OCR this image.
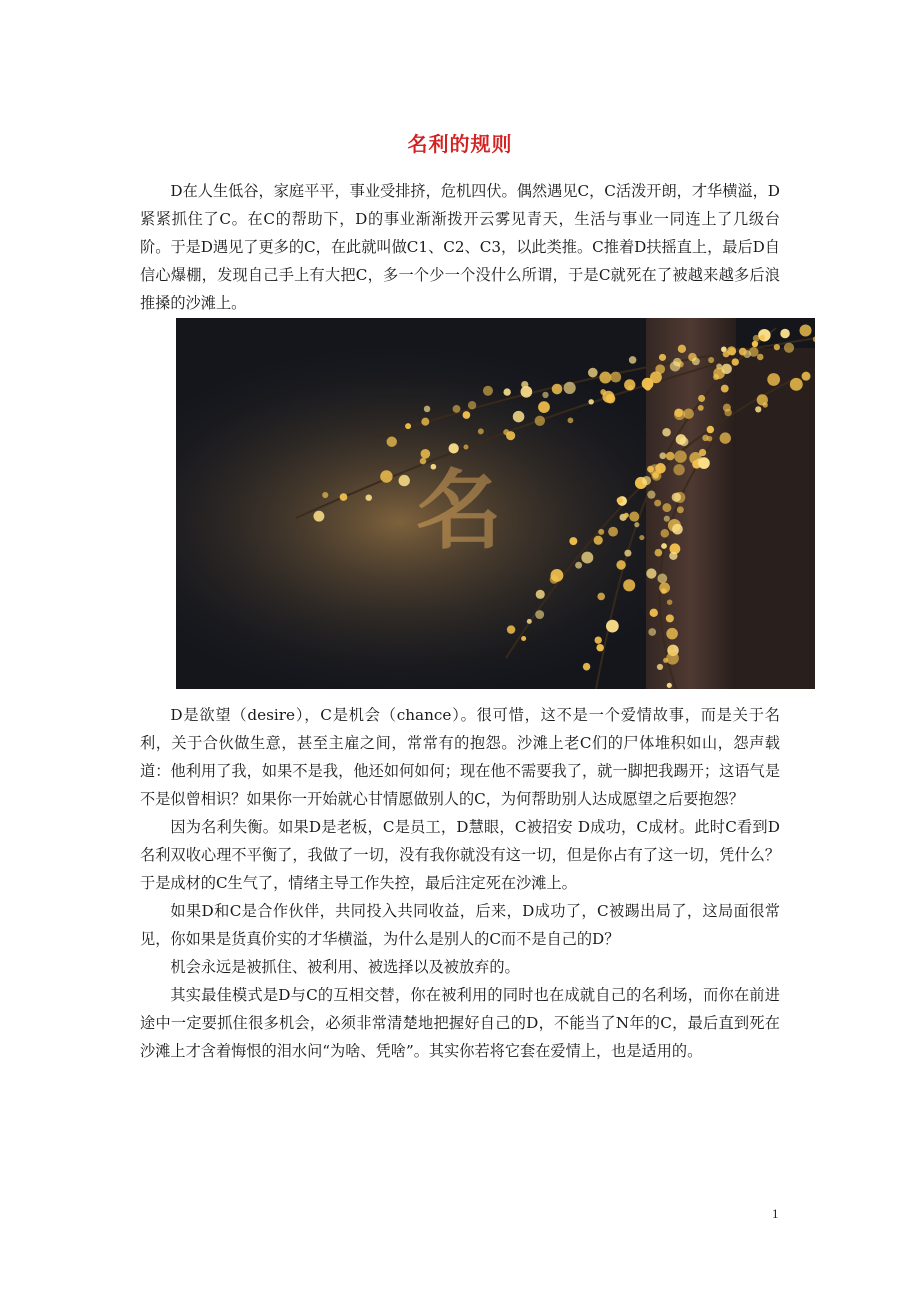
名利的规则

D在人生低谷，家庭平平，事业受排挤，危机四伏。偶然遇见C，C活泼开朗，才华横溢，D紧紧抓住了C。在C的帮助下，D的事业渐渐拨开云雾见青天，生活与事业一同连上了几级台阶。于是D遇见了更多的C，在此就叫做C1、C2、C3，以此类推。C推着D扶摇直上，最后D自信心爆棚，发现自己手上有大把C，多一个少一个没什么所谓，于是C就死在了被越来越多后浪推搡的沙滩上。

名

D是欲望（desire），C是机会（chance）。很可惜，这不是一个爱情故事，而是关于名利，关于合伙做生意，甚至主雇之间，常常有的抱怨。沙滩上老C们的尸体堆积如山，怨声载道：他利用了我，如果不是我，他还如何如何；现在他不需要我了，就一脚把我踢开；这语气是不是似曾相识？如果你一开始就心甘情愿做别人的C，为何帮助别人达成愿望之后要抱怨？

因为名利失衡。如果D是老板，C是员工，D慧眼，C被招安 D成功，C成材。此时C看到D名利双收心理不平衡了，我做了一切，没有我你就没有这一切，但是你占有了这一切，凭什么？于是成材的C生气了，情绪主导工作失控，最后注定死在沙滩上。

如果D和C是合作伙伴，共同投入共同收益，后来，D成功了，C被踢出局了，这局面很常见，你如果是货真价实的才华横溢，为什么是别人的C而不是自己的D？

机会永远是被抓住、被利用、被选择以及被放弃的。

其实最佳模式是D与C的互相交替，你在被利用的同时也在成就自己的名利场，而你在前进途中一定要抓住很多机会，必须非常清楚地把握好自己的D，不能当了N年的C，最后直到死在沙滩上才含着悔恨的泪水问“为啥、凭啥”。其实你若将它套在爱情上，也是适用的。

1
